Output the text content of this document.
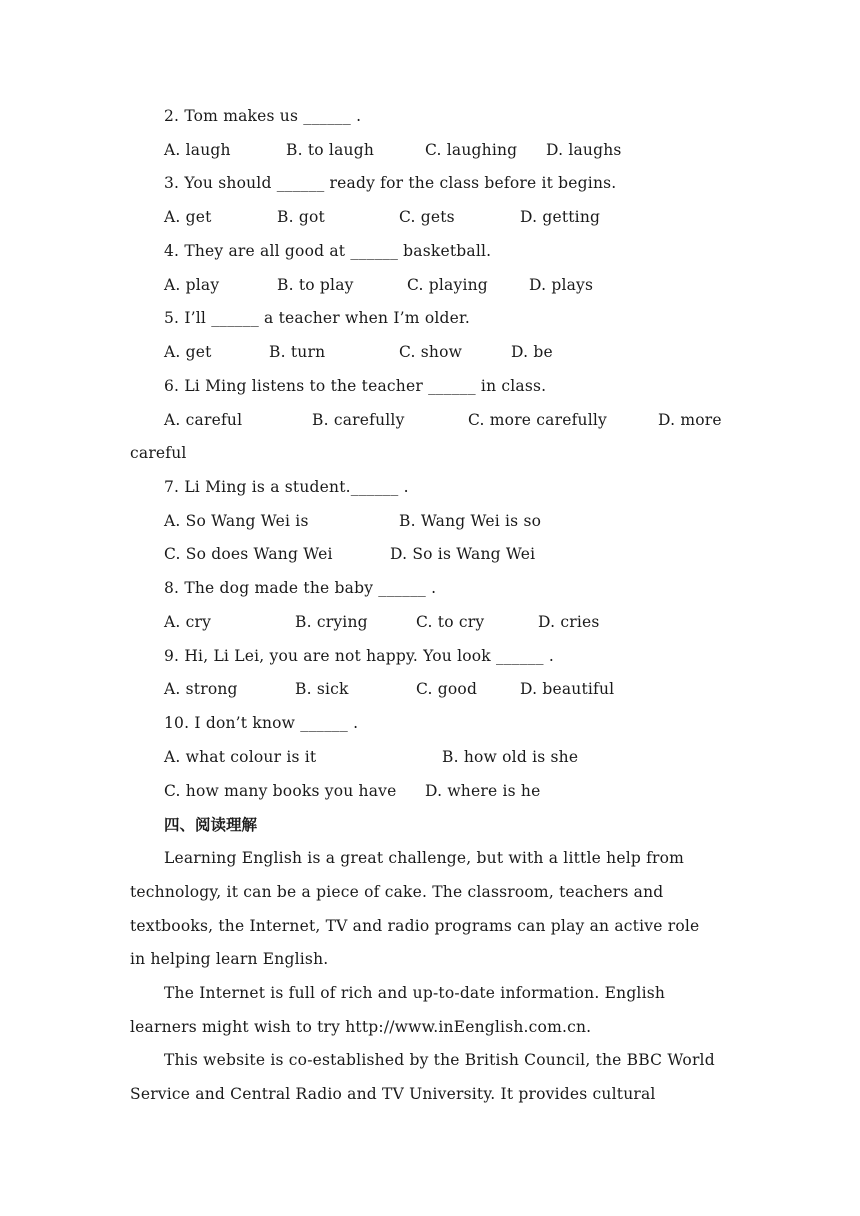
2. Tom makes us ______ .
A. laugh	B. to laugh	C. laughing D. laughs
3. You should ______ ready for the class before it begins.
A. get	B. got	C. gets	D. getting
4. They are all good at ______ basketball.
A. play	B. to play	C. playing	D. plays
5. I’ll ______ a teacher when I’m older.
A. get	B. turn	C. show	D. be
6. Li Ming listens to the teacher ______ in class.
A. careful	B. carefully	C. more carefully	D. more
careful
7. Li Ming is a student.______ .
A. So Wang Wei is	B. Wang Wei is so
C. So does Wang Wei	D. So is Wang Wei
8. The dog made the baby ______ .
A. cry	B. crying	C. to cry	D. cries
9. Hi, Li Lei, you are not happy. You look ______ .
A. strong	B. sick	C. good	D. beautiful
10. I don’t know ______ .
A. what colour is it	B. how old is she
C. how many books you have D. where is he
四、阅读理解
Learning English is a great challenge, but with a little help from
technology, it can be a piece of cake. The classroom, teachers and
textbooks, the Internet, TV and radio programs can play an active role
in helping learn English.
The Internet is full of rich and up-to-date information. English
learners might wish to try http://www.inEenglish.com.cn.
This website is co-established by the British Council, the BBC World
Service and Central Radio and TV University. It provides cultural
